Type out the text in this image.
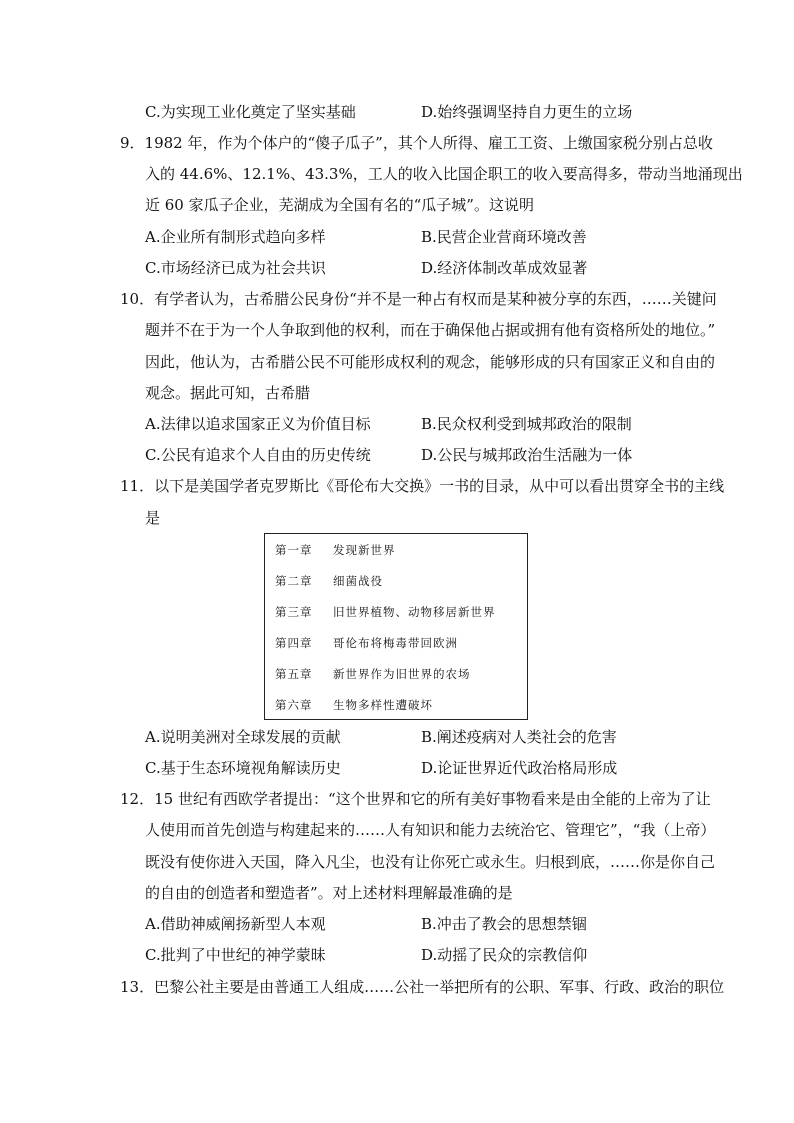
C.为实现工业化奠定了坚实基础	D.始终强调坚持自力更生的立场
9．1982 年，作为个体户的“傻子瓜子”，其个人所得、雇工工资、上缴国家税分别占总收
入的 44.6%、12.1%、43.3%，工人的收入比国企职工的收入要高得多，带动当地涌现出
近 60 家瓜子企业，芜湖成为全国有名的“瓜子城”。这说明
A.企业所有制形式趋向多样	B.民营企业营商环境改善
C.市场经济已成为社会共识	D.经济体制改革成效显著
10．有学者认为，古希腊公民身份“并不是一种占有权而是某种被分享的东西，……关键问
题并不在于为一个人争取到他的权利，而在于确保他占据或拥有他有资格所处的地位。”
因此，他认为，古希腊公民不可能形成权利的观念，能够形成的只有国家正义和自由的
观念。据此可知，古希腊
A.法律以追求国家正义为价值目标	B.民众权利受到城邦政治的限制
C.公民有追求个人自由的历史传统	D.公民与城邦政治生活融为一体
11．以下是美国学者克罗斯比《哥伦布大交换》一书的目录，从中可以看出贯穿全书的主线
是
第一章 发现新世界
第二章 细菌战役
第三章 旧世界植物、动物移居新世界
第四章 哥伦布将梅毒带回欧洲
第五章 新世界作为旧世界的农场
第六章 生物多样性遭破坏
A.说明美洲对全球发展的贡献	B.阐述疫病对人类社会的危害
C.基于生态环境视角解读历史	D.论证世界近代政治格局形成
12．15 世纪有西欧学者提出：“这个世界和它的所有美好事物看来是由全能的上帝为了让
人使用而首先创造与构建起来的……人有知识和能力去统治它、管理它”，“我（上帝）
既没有使你进入天国，降入凡尘，也没有让你死亡或永生。归根到底，……你是你自己
的自由的创造者和塑造者”。对上述材料理解最准确的是
A.借助神威阐扬新型人本观	B.冲击了教会的思想禁锢
C.批判了中世纪的神学蒙昧	D.动摇了民众的宗教信仰
13．巴黎公社主要是由普通工人组成……公社一举把所有的公职、军事、行政、政治的职位
